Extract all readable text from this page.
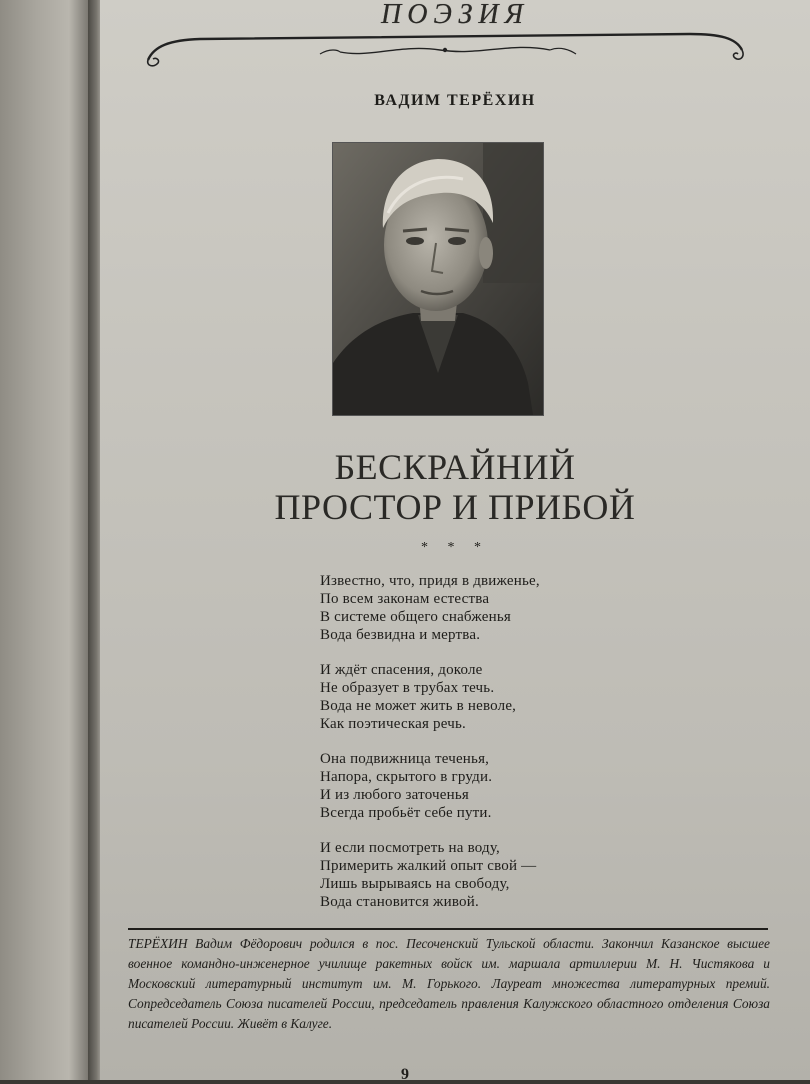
ПОЭЗИЯ
ВАДИМ ТЕРЁХИН
БЕСКРАЙНИЙ
ПРОСТОР И ПРИБОЙ
* * *
Известно, что, придя в движенье,
По всем законам естества
В системе общего снабженья
Вода безвидна и мертва.
И ждёт спасения, доколе
Не образует в трубах течь.
Вода не может жить в неволе,
Как поэтическая речь.
Она подвижница теченья,
Напора, скрытого в груди.
И из любого заточенья
Всегда пробьёт себе пути.
И если посмотреть на воду,
Примерить жалкий опыт свой —
Лишь вырываясь на свободу,
Вода становится живой.
ТЕРЁХИН Вадим Фёдорович родился в пос. Песоченский Тульской области. Закончил Казанское высшее военное командно-инженерное училище ракетных войск им. маршала артиллерии М. Н. Чистякова и Московский литературный институт им. М. Горького. Лауреат множества литературных премий. Сопредседатель Союза писателей России, председатель правления Калужского областного отделения Союза писателей России. Живёт в Калуге.
9
